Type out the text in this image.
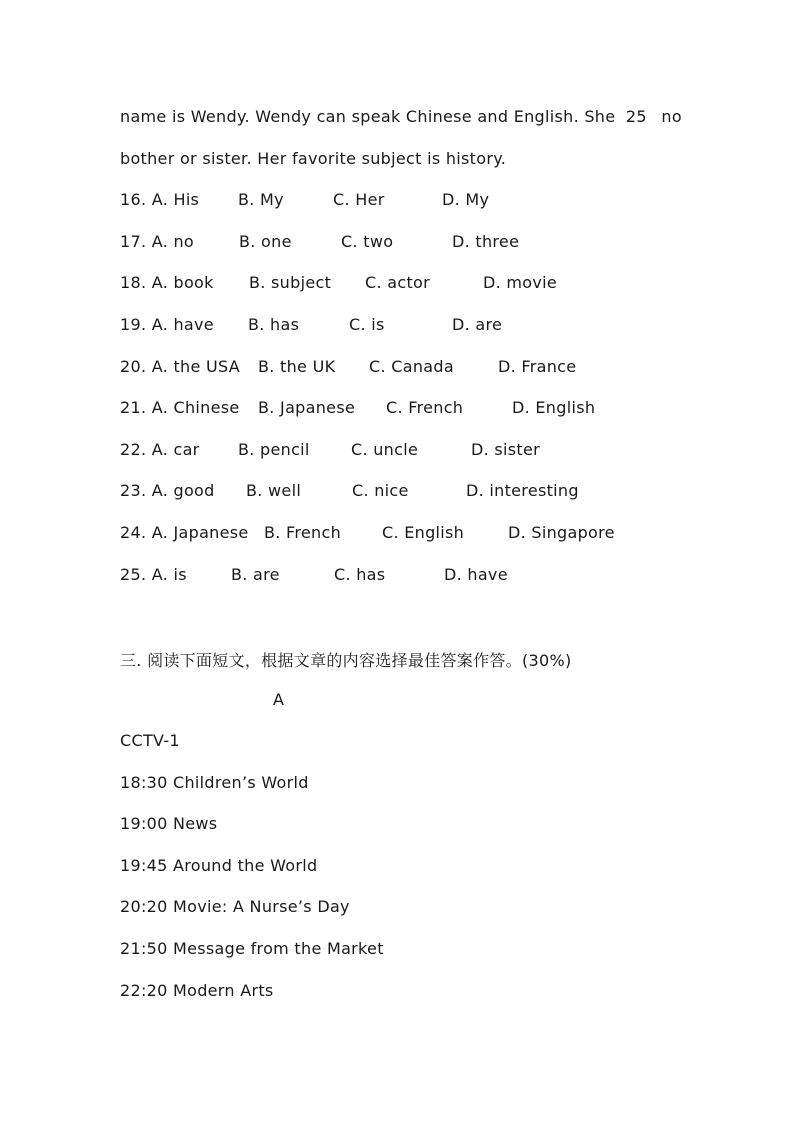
name is Wendy. Wendy can speak Chinese and English. She 25 no
bother or sister. Her favorite subject is history.
16. A. His B. My	C. Her	D. My
17. A. no	B. one	C. two	D. three
18. A. book B. subject C. actor	D. movie
19. A. have B. has	C. is	D. are
20. A. the USA B. the UK C. Canada	D. France
21. A. Chinese B. Japanese C. French	D. English
22. A. car B. pencil	C. uncle	D. sister
23. A. good B. well	C. nice	D. interesting
24. A. Japanese B. French	C. English	D. Singapore
25. A. is	B. are	C. has	D. have
三. 阅读下面短文，根据文章的内容选择最佳答案作答。(30%)
A
CCTV-1
18:30 Children’s World
19:00 News
19:45 Around the World
20:20 Movie: A Nurse’s Day
21:50 Message from the Market
22:20 Modern Arts
